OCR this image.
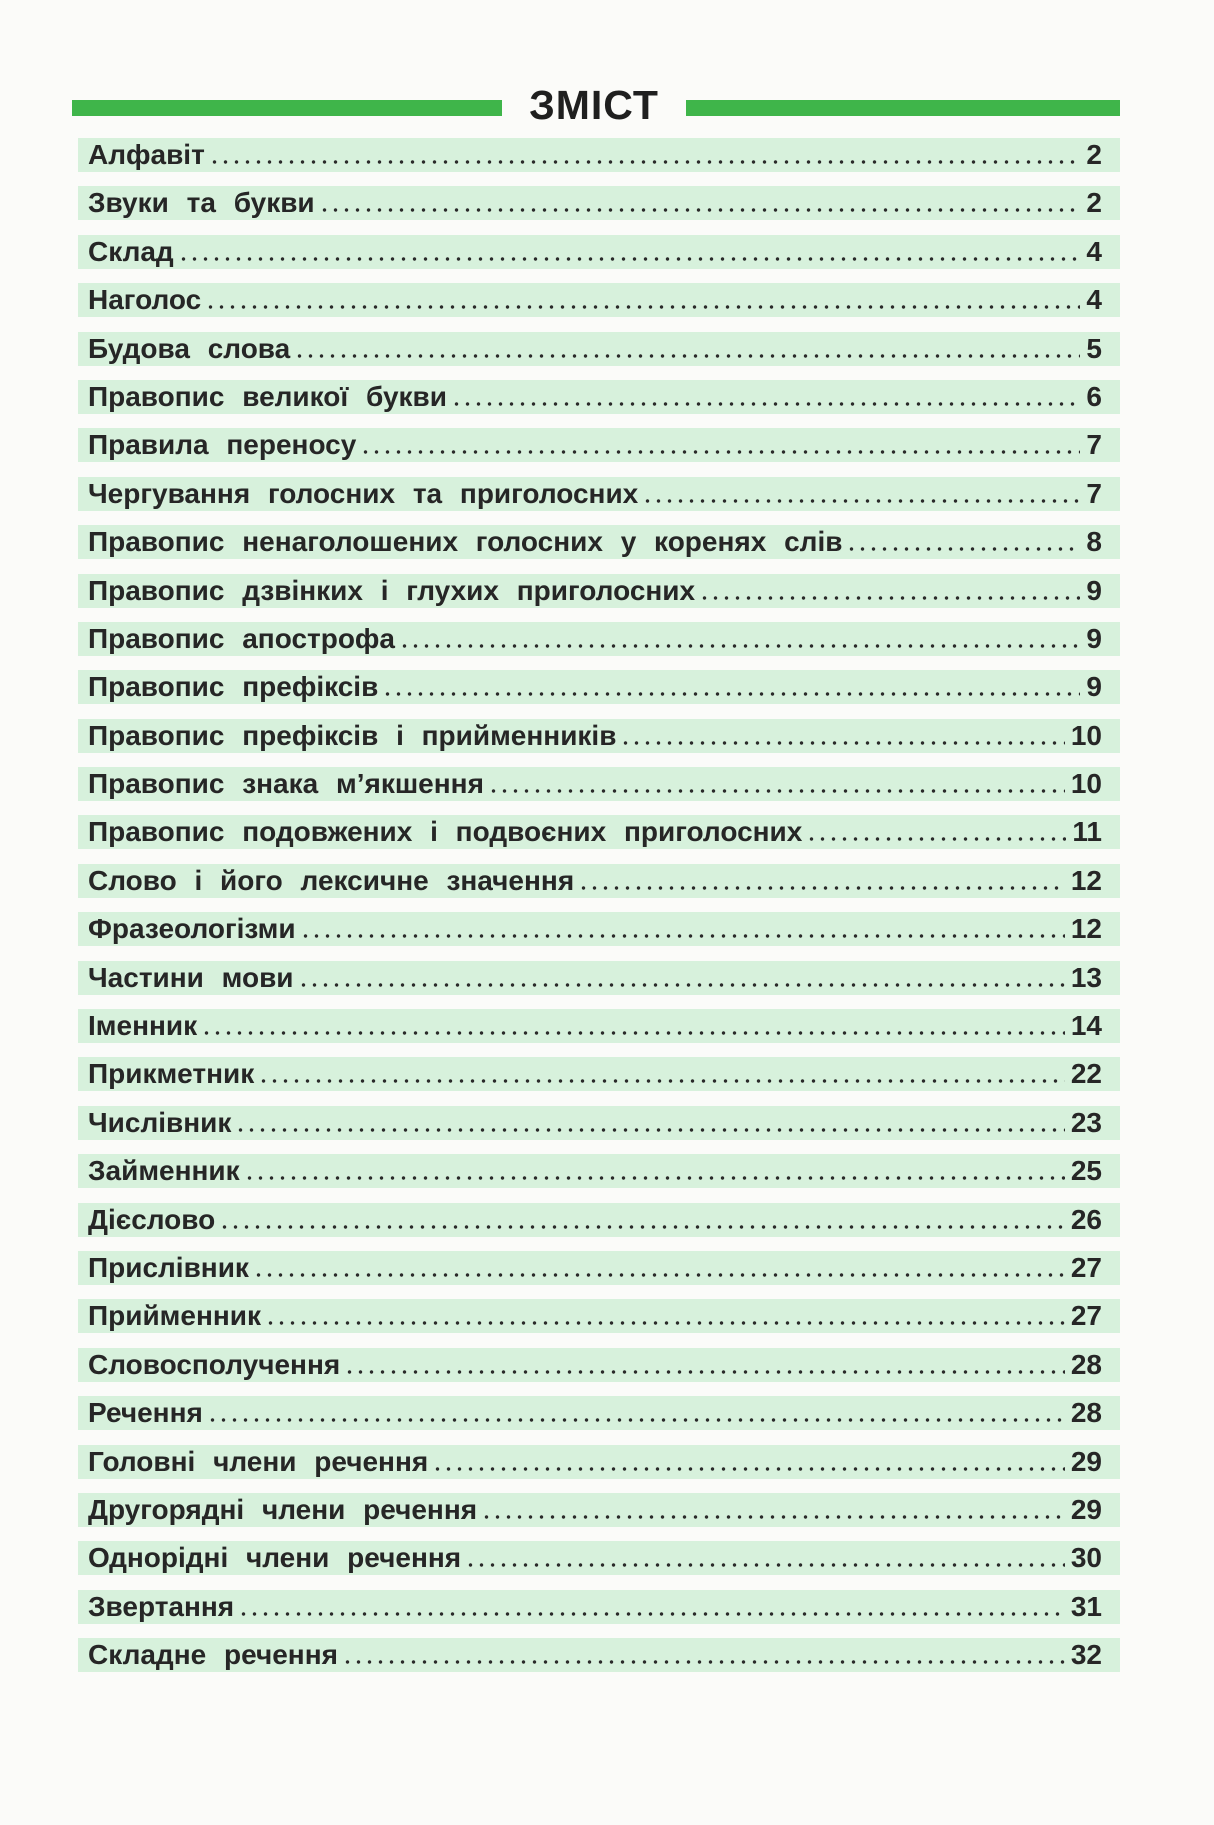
ЗМІСТ
Алфавіт	2
Звуки та букви	2
Склад	4
Наголос	4
Будова слова	5
Правопис великої букви	6
Правила переносу	7
Чергування голосних та приголосних	7
Правопис ненаголошених голосних у коренях слів	8
Правопис дзвінких і глухих приголосних	9
Правопис апострофа	9
Правопис префіксів	9
Правопис префіксів і прийменників	10
Правопис знака м’якшення	10
Правопис подовжених і подвоєних приголосних	11
Слово і його лексичне значення	12
Фразеологізми	12
Частини мови	13
Іменник	14
Прикметник	22
Числівник	23
Займенник	25
Дієслово	26
Прислівник	27
Прийменник	27
Словосполучення	28
Речення	28
Головні члени речення	29
Другорядні члени речення	29
Однорідні члени речення	30
Звертання	31
Складне речення	32
